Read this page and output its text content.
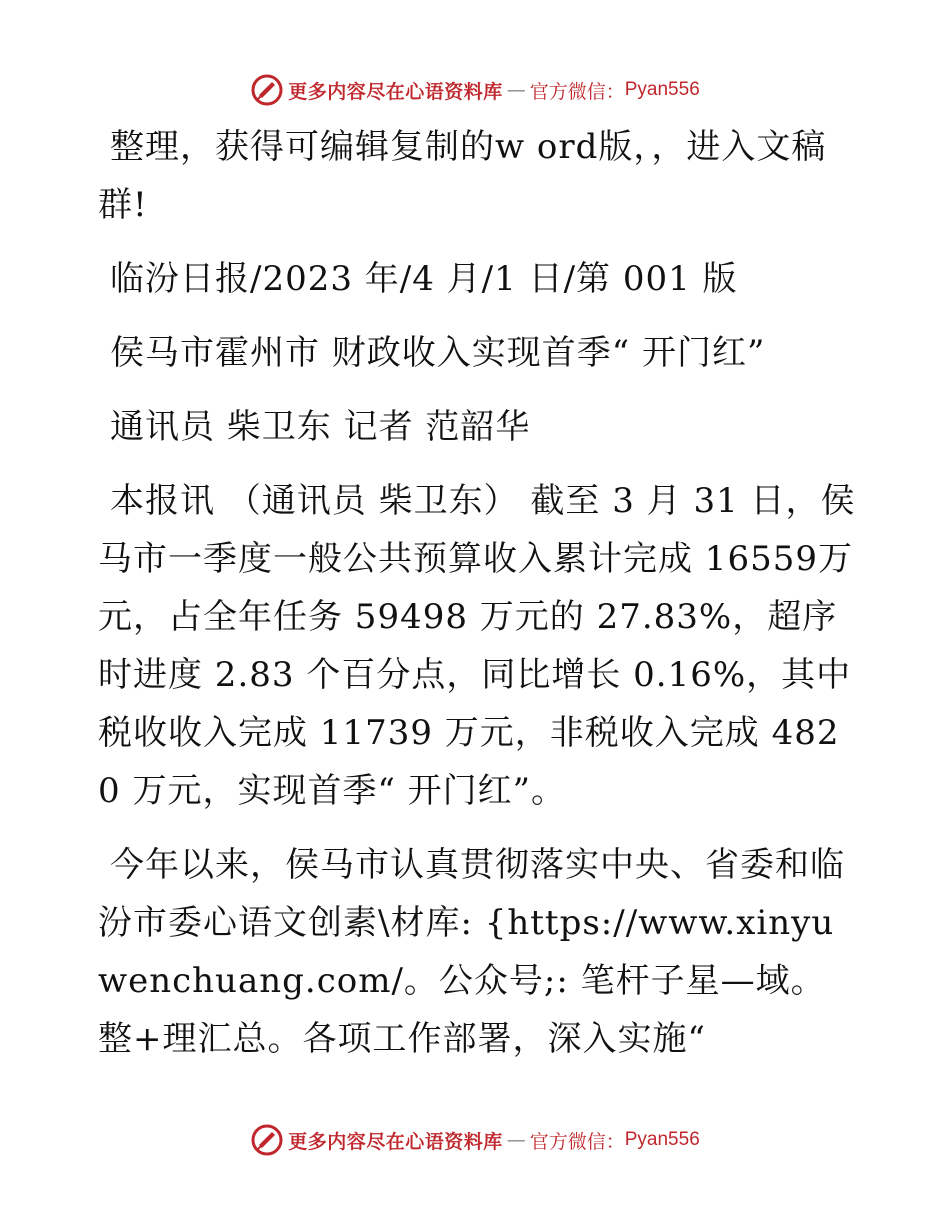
更多内容尽在心语资料库 — 官方微信： Pyan556

整理，获得可编辑复制的w ord版，，进入文稿群!

临汾日报/2023 年/4 月/1 日/第 001 版

侯马市霍州市 财政收入实现首季“ 开门红”

通讯员 柴卫东 记者 范韶华

本报讯 （通讯员 柴卫东） 截至 3 月 31 日，侯马市一季度一般公共预算收入累计完成 16559万元，占全年任务 59498 万元的 27.83%，超序时进度 2.83 个百分点，同比增长 0.16%，其中税收收入完成 11739 万元，非税收入完成 4820 万元，实现首季“ 开门红”。

今年以来，侯马市认真贯彻落实中央、省委和临汾市委心语文创素\材库: {https://www.xinyuwenchuang.com/。公众号;: 笔杆子星—域。整+理汇总。各项工作部署，深入实施“

更多内容尽在心语资料库 — 官方微信： Pyan556
